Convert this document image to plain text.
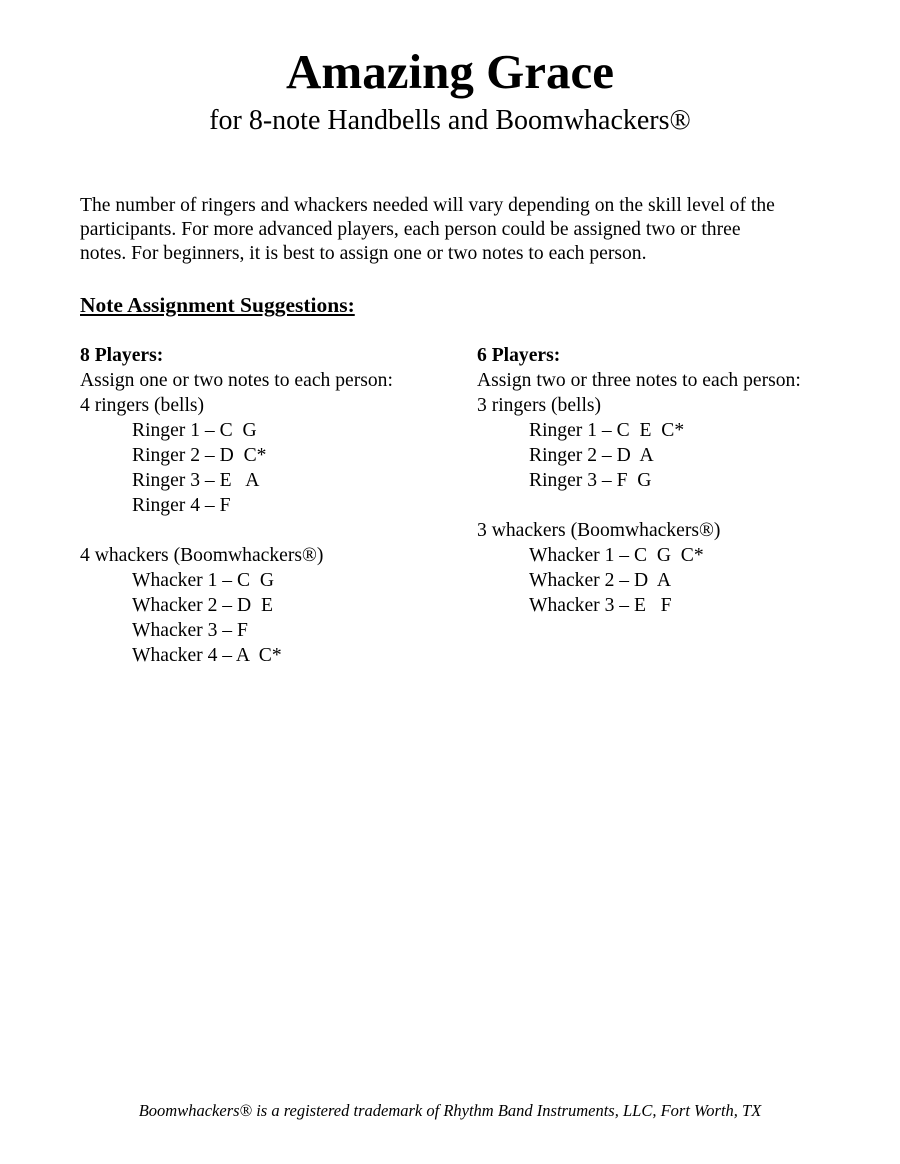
Amazing Grace
for 8-note Handbells and Boomwhackers®
The number of ringers and whackers needed will vary depending on the skill level of the
participants. For more advanced players, each person could be assigned two or three
notes. For beginners, it is best to assign one or two notes to each person.
Note Assignment Suggestions:
8 Players:
Assign one or two notes to each person:
4 ringers (bells)
Ringer 1 – C  G
Ringer 2 – D  C*
Ringer 3 – E   A
Ringer 4 – F
4 whackers (Boomwhackers®)
Whacker 1 – C  G
Whacker 2 – D  E
Whacker 3 – F
Whacker 4 – A  C*
6 Players:
Assign two or three notes to each person:
3 ringers (bells)
Ringer 1 – C  E  C*
Ringer 2 – D  A
Ringer 3 – F  G
3 whackers (Boomwhackers®)
Whacker 1 – C  G  C*
Whacker 2 – D  A
Whacker 3 – E   F
Boomwhackers® is a registered trademark of Rhythm Band Instruments, LLC, Fort Worth, TX
